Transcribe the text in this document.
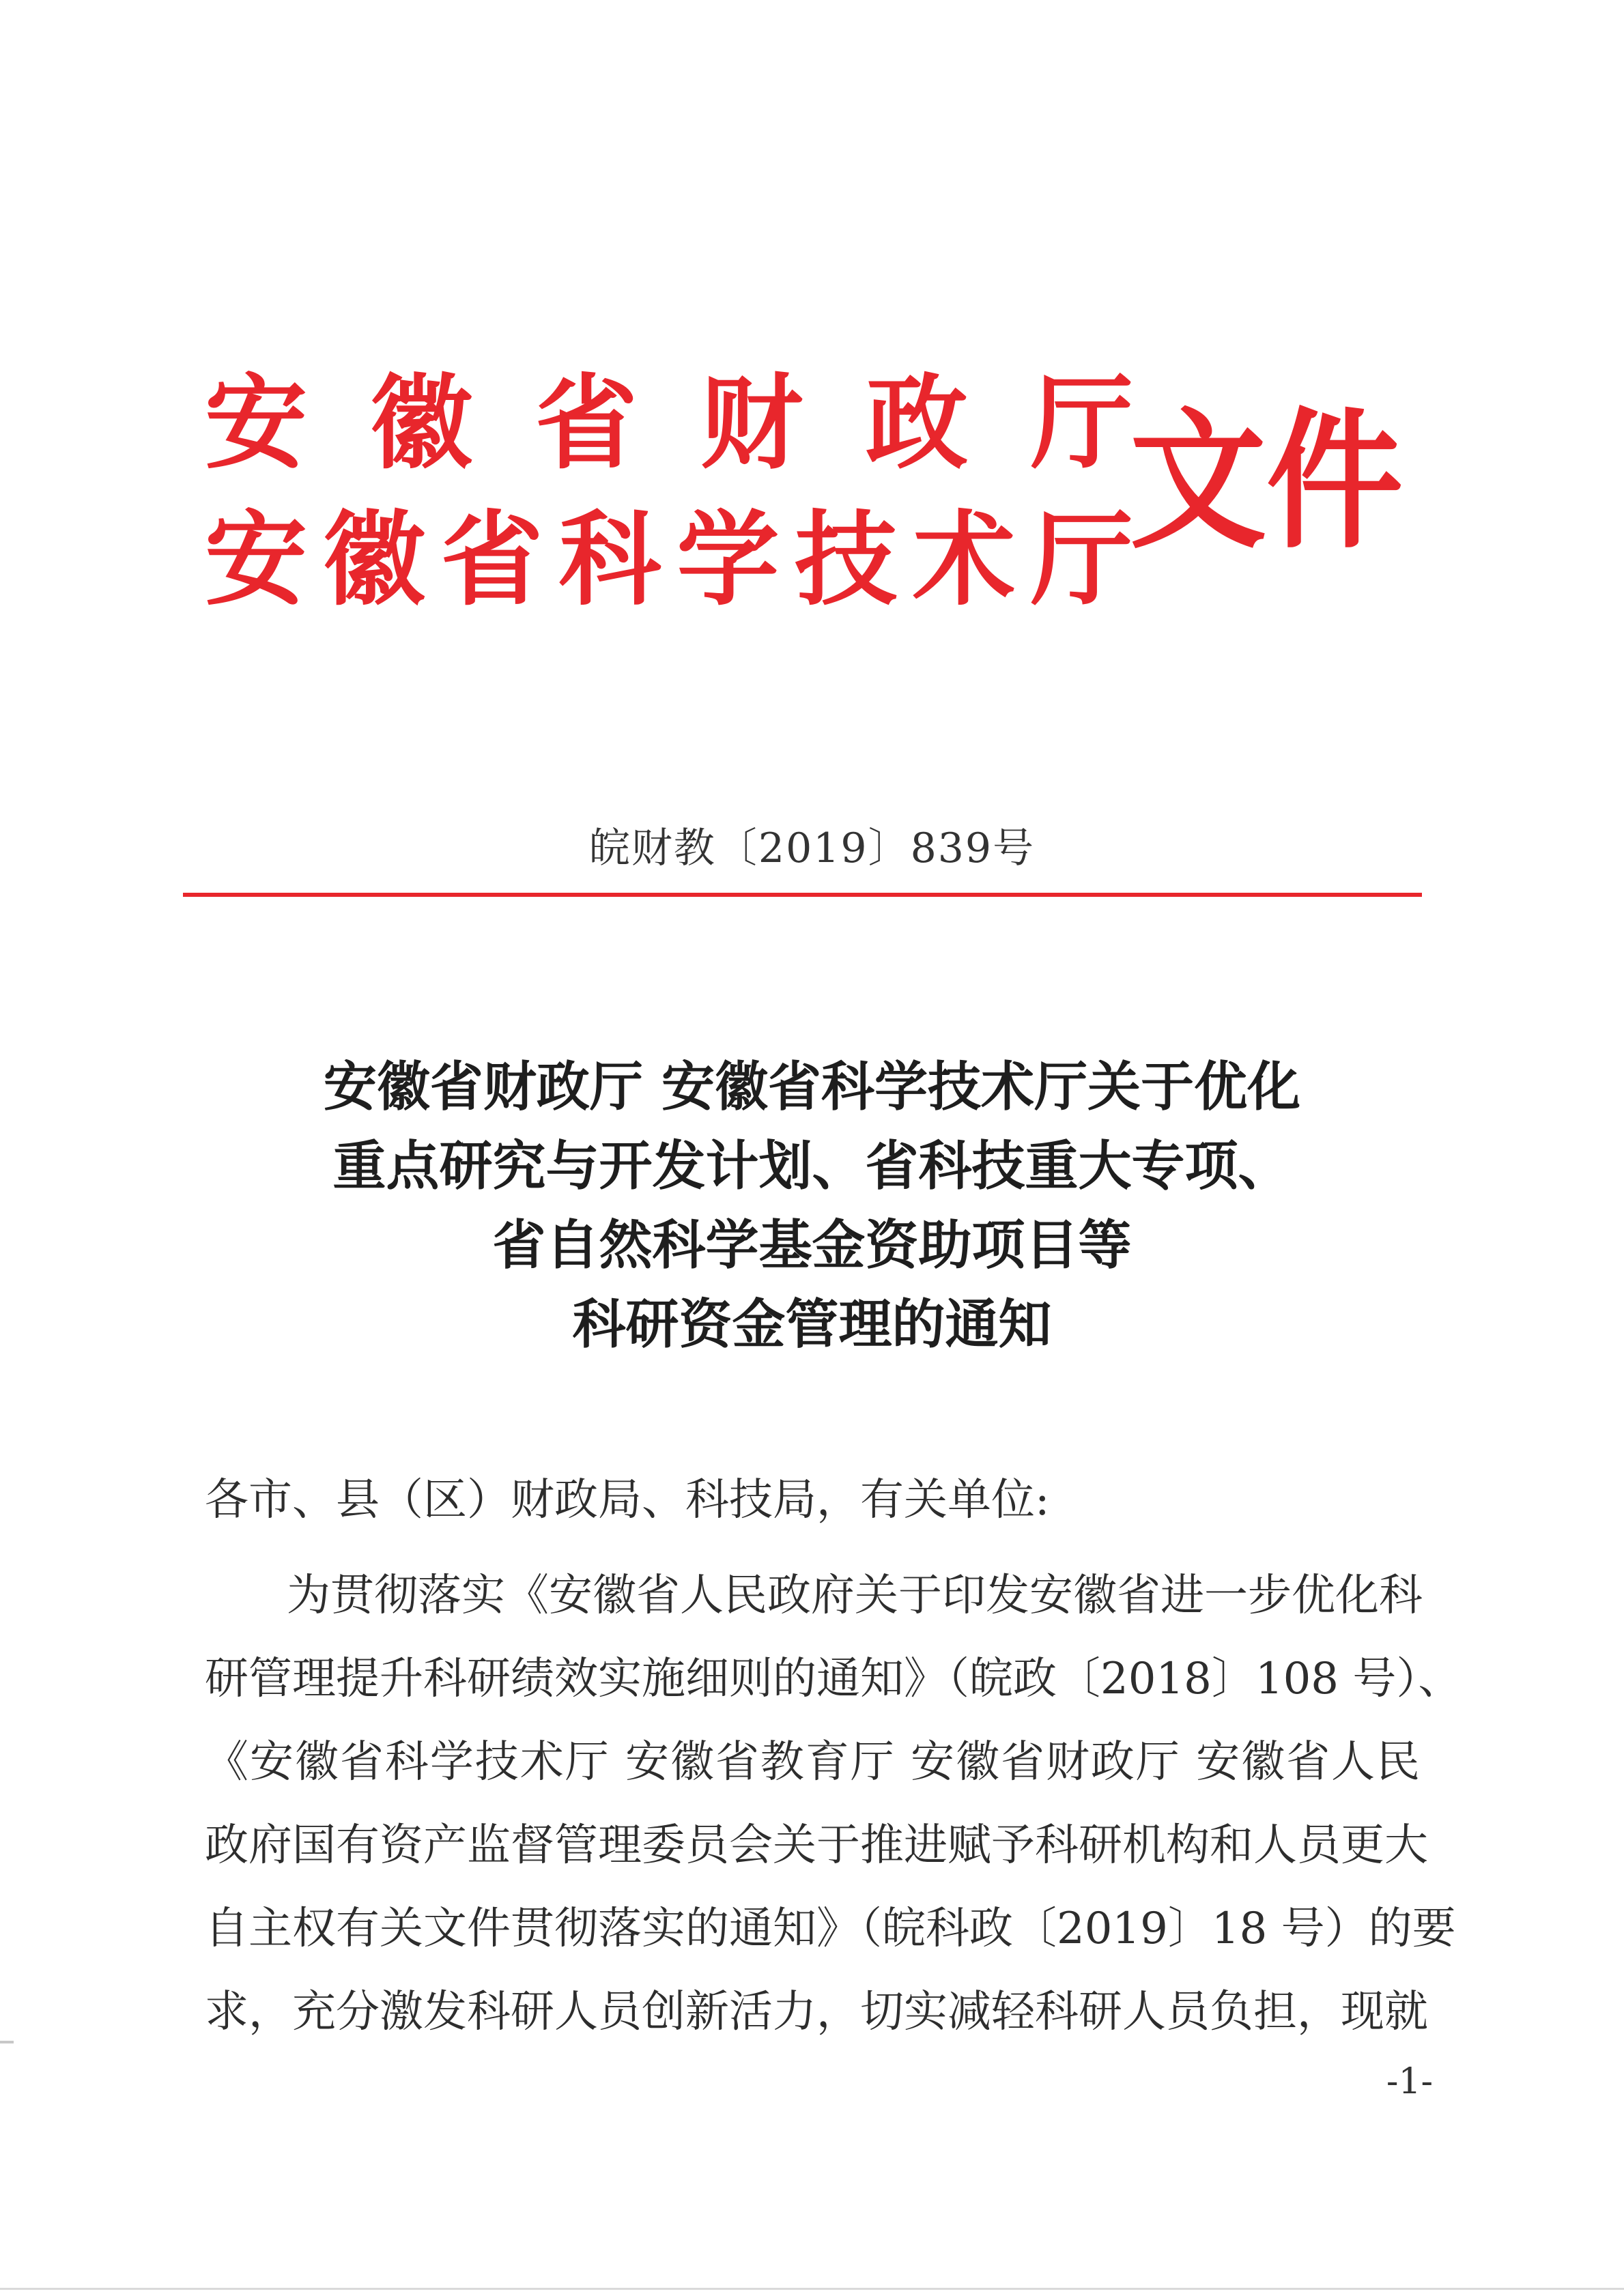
安 徽 省 财 政 厅
安 徽 省 科 学 技 术 厅
文件
皖财教〔2019〕839号
安徽省财政厅 安徽省科学技术厅关于优化
重点研究与开发计划、省科技重大专项、
省自然科学基金资助项目等
科研资金管理的通知
各市、县（区）财政局、科技局，有关单位:
为贯彻落实《安徽省人民政府关于印发安徽省进一步优化科
研管理提升科研绩效实施细则的通知》（皖政〔2018〕108 号）、
《安徽省科学技术厅 安徽省教育厅 安徽省财政厅 安徽省人民
政府国有资产监督管理委员会关于推进赋予科研机构和人员更大
自主权有关文件贯彻落实的通知》（皖科政〔2019〕18 号）的要
求，充分激发科研人员创新活力，切实减轻科研人员负担，现就
-1-
